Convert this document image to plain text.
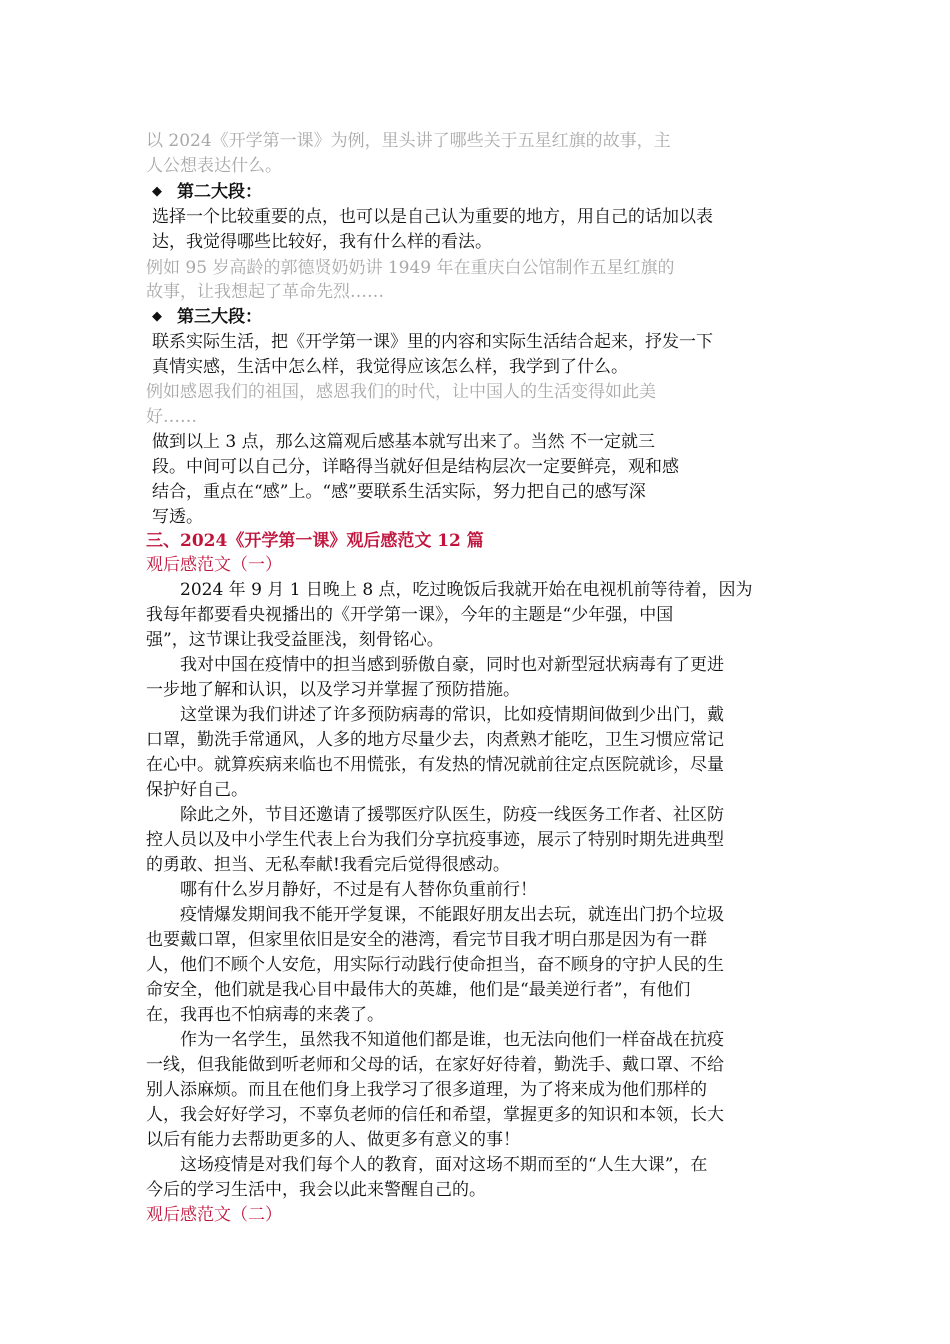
以 2024《开学第一课》为例，里头讲了哪些关于五星红旗的故事，主
人公想表达什么。
◆ 第二大段：
选择一个比较重要的点，也可以是自己认为重要的地方，用自己的话加以表
达，我觉得哪些比较好，我有什么样的看法。
例如 95 岁高龄的郭德贤奶奶讲 1949 年在重庆白公馆制作五星红旗的
故事，让我想起了革命先烈……
◆ 第三大段：
联系实际生活，把《开学第一课》里的内容和实际生活结合起来，抒发一下
真情实感，生活中怎么样，我觉得应该怎么样，我学到了什么。
例如感恩我们的祖国，感恩我们的时代，让中国人的生活变得如此美
好……
做到以上 3 点，那么这篇观后感基本就写出来了。当然 不一定就三
段。中间可以自己分，详略得当就好但是结构层次一定要鲜亮，观和感
结合，重点在“感”上。“感”要联系生活实际，努力把自己的感写深
写透。
三、2024《开学第一课》观后感范文 12 篇
观后感范文（一）
2024 年 9 月 1 日晚上 8 点，吃过晚饭后我就开始在电视机前等待着，因为
我每年都要看央视播出的《开学第一课》，今年的主题是“少年强，中国
强”，这节课让我受益匪浅，刻骨铭心。
我对中国在疫情中的担当感到骄傲自豪，同时也对新型冠状病毒有了更进
一步地了解和认识，以及学习并掌握了预防措施。
这堂课为我们讲述了许多预防病毒的常识，比如疫情期间做到少出门，戴
口罩，勤洗手常通风，人多的地方尽量少去，肉煮熟才能吃，卫生习惯应常记
在心中。就算疾病来临也不用慌张，有发热的情况就前往定点医院就诊，尽量
保护好自己。
除此之外，节目还邀请了援鄂医疗队医生，防疫一线医务工作者、社区防
控人员以及中小学生代表上台为我们分享抗疫事迹，展示了特别时期先进典型
的勇敢、担当、无私奉献!我看完后觉得很感动。
哪有什么岁月静好，不过是有人替你负重前行！
疫情爆发期间我不能开学复课，不能跟好朋友出去玩，就连出门扔个垃圾
也要戴口罩，但家里依旧是安全的港湾，看完节目我才明白那是因为有一群
人，他们不顾个人安危，用实际行动践行使命担当，奋不顾身的守护人民的生
命安全，他们就是我心目中最伟大的英雄，他们是“最美逆行者”，有他们
在，我再也不怕病毒的来袭了。
作为一名学生，虽然我不知道他们都是谁，也无法向他们一样奋战在抗疫
一线，但我能做到听老师和父母的话，在家好好待着，勤洗手、戴口罩、不给
别人添麻烦。而且在他们身上我学习了很多道理，为了将来成为他们那样的
人，我会好好学习，不辜负老师的信任和希望，掌握更多的知识和本领，长大
以后有能力去帮助更多的人、做更多有意义的事！
这场疫情是对我们每个人的教育，面对这场不期而至的“人生大课”，在
今后的学习生活中，我会以此来警醒自己的。
观后感范文（二）
